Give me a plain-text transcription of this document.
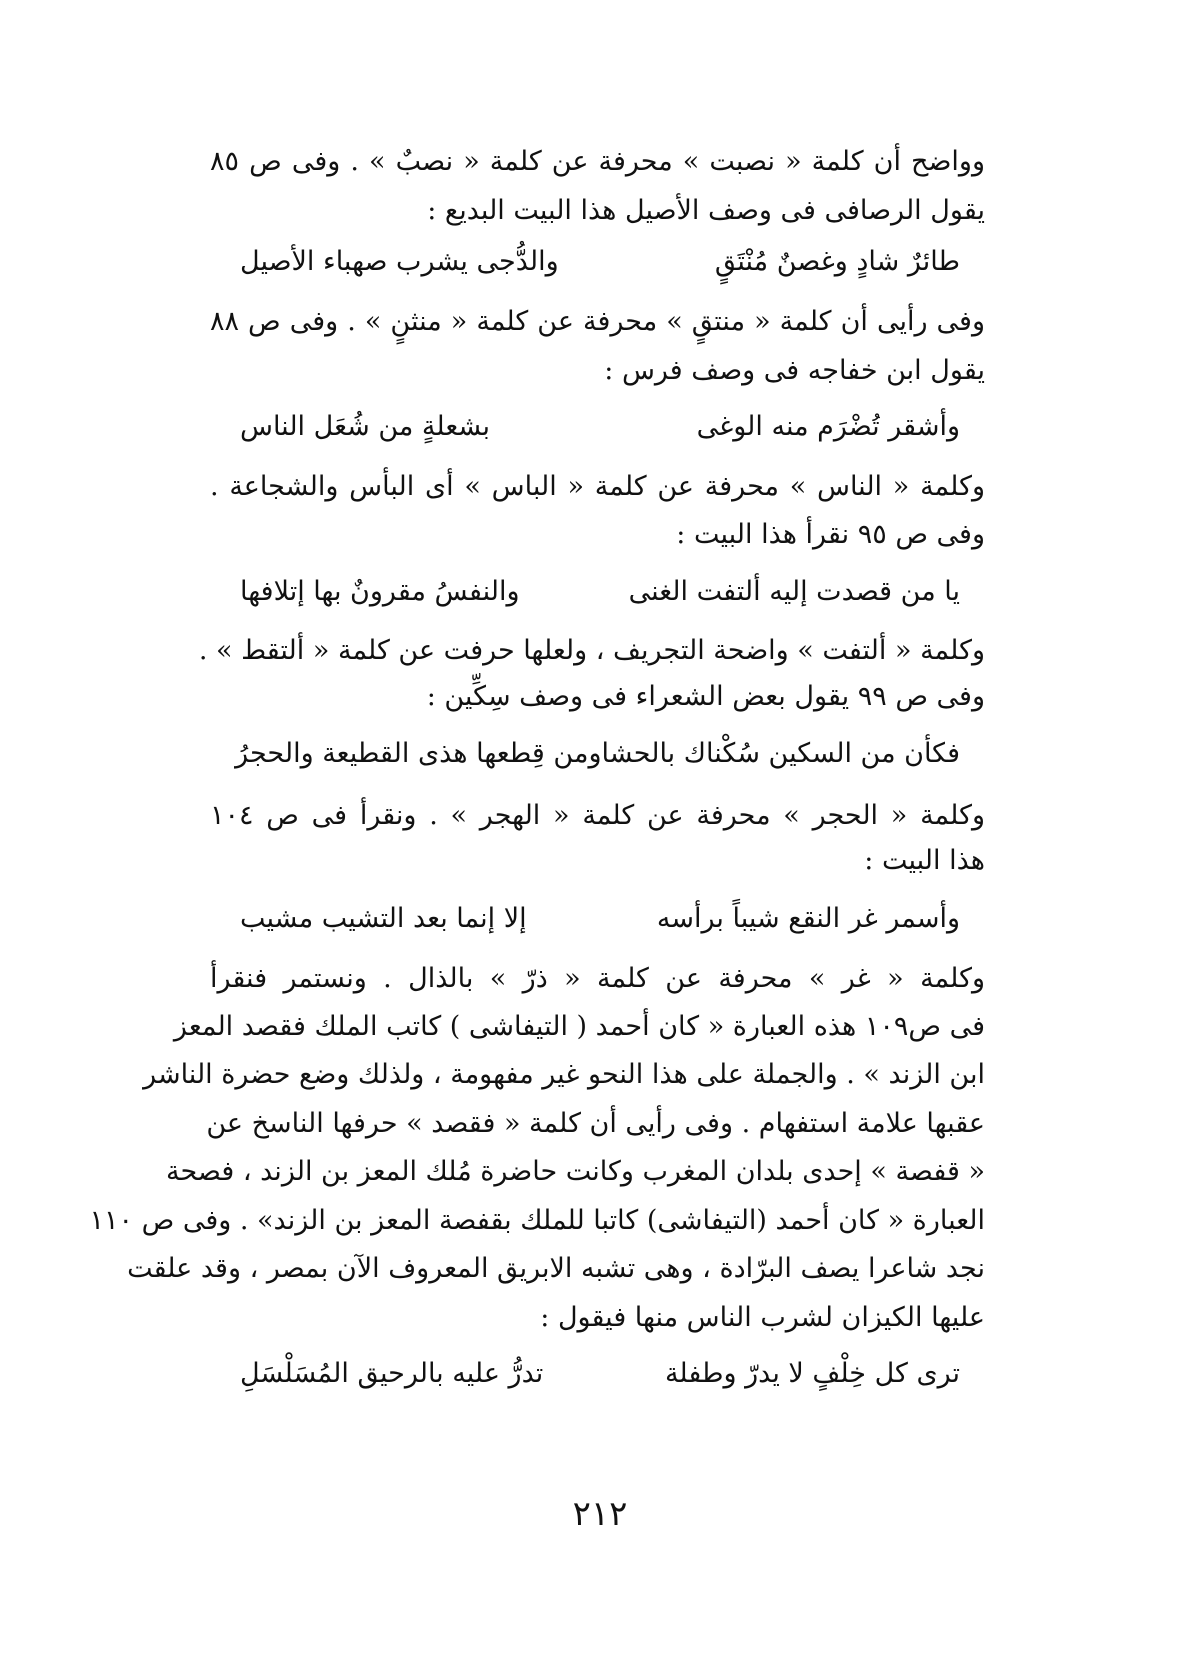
وواضح أن كلمة « نصبت » محرفة عن كلمة « نصبٌ » . وفى ص ٨٥
يقول الرصافى فى وصف الأصيل هذا البيت البديع :
طائرٌ شادٍ وغصنٌ مُنْتَقٍ
والدُّجى يشرب صهباء الأصيل
وفى رأيى أن كلمة « منتقٍ » محرفة عن كلمة « منثنٍ » . وفى ص ٨٨
يقول ابن خفاجه فى وصف فرس :
وأشقر تُضْرَم منه الوغى
بشعلةٍ من شُعَل الناس
وكلمة « الناس » محرفة عن كلمة « الباس » أى البأس والشجاعة .
وفى ص ٩٥ نقرأ هذا البيت :
يا من قصدت إليه ألتفت الغنى
والنفسُ مقرونٌ بها إتلافها
وكلمة « ألتفت » واضحة التجريف ، ولعلها حرفت عن كلمة « ألتقط » .
وفى ص ٩٩ يقول بعض الشعراء فى وصف سِكِّين :
فكأن من السكين سُكْناك بالحشا
ومن قِطعها هذى القطيعة والحجرُ
وكلمة « الحجر » محرفة عن كلمة « الهجر » . ونقرأ فى ص ١٠٤
هذا البيت :
وأسمر غر النقع شيباً برأسه
إلا إنما بعد التشيب مشيب
وكلمة « غر » محرفة عن كلمة « ذرّ » بالذال . ونستمر فنقرأ
فى ص١٠٩ هذه العبارة « كان أحمد ( التيفاشى ) كاتب الملك فقصد المعز
ابن الزند » . والجملة على هذا النحو غير مفهومة ، ولذلك وضع حضرة الناشر
عقبها علامة استفهام . وفى رأيى أن كلمة « فقصد » حرفها الناسخ عن
« قفصة » إحدى بلدان المغرب وكانت حاضرة مُلك المعز بن الزند ، فصحة
العبارة « كان أحمد (التيفاشى) كاتبا للملك بقفصة المعز بن الزند» . وفى ص ١١٠
نجد شاعرا يصف البرّادة ، وهى تشبه الابريق المعروف الآن بمصر ، وقد علقت
عليها الكيزان لشرب الناس منها فيقول :
ترى كل خِلْفٍ لا يدرّ وطفلة
تدرُّ عليه بالرحيق المُسَلْسَلِ
٢١٢
